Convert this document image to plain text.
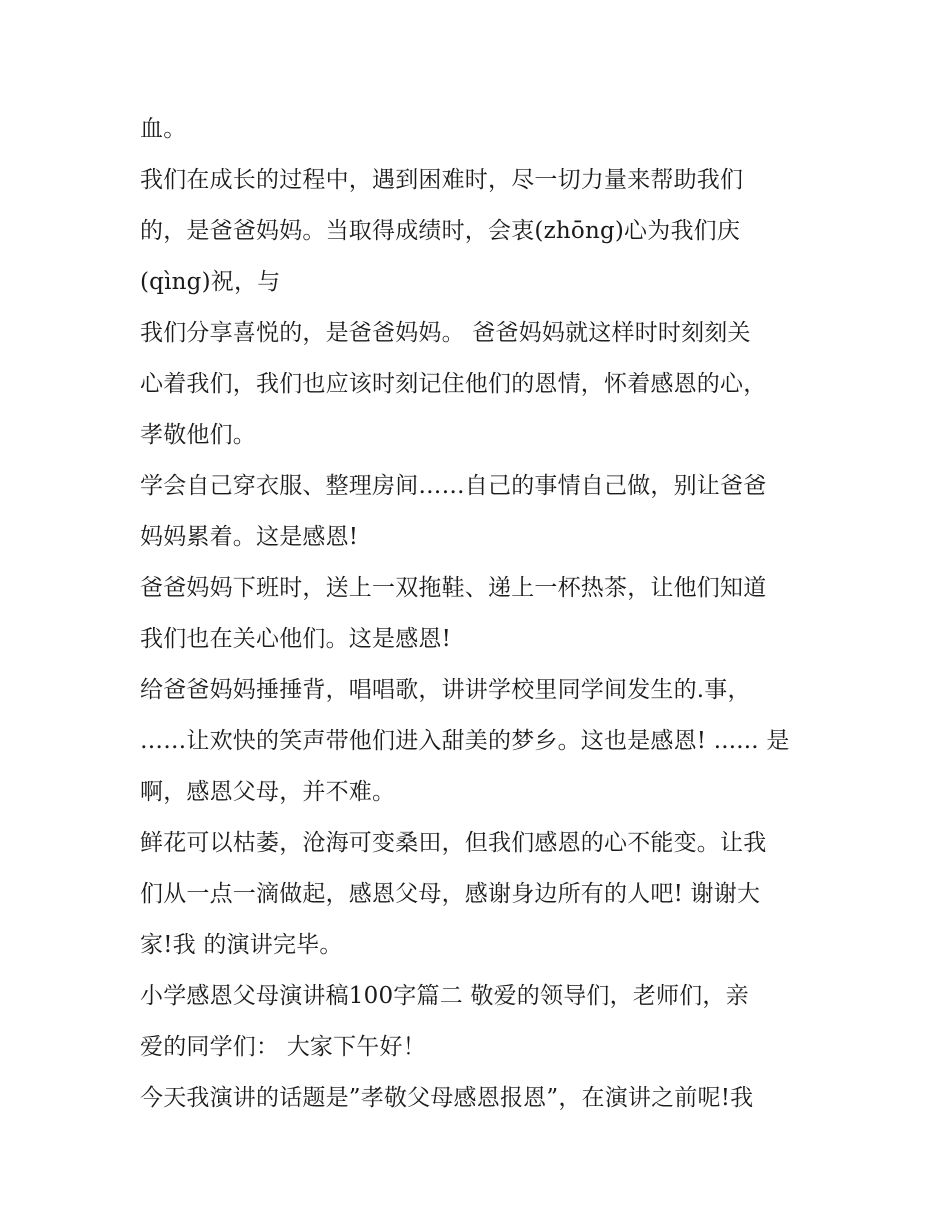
血。
我们在成长的过程中，遇到困难时，尽一切力量来帮助我们
的，是爸爸妈妈。当取得成绩时，会衷(zhōng)心为我们庆
(qìng)祝，与
我们分享喜悦的，是爸爸妈妈。 爸爸妈妈就这样时时刻刻关
心着我们，我们也应该时刻记住他们的恩情，怀着感恩的心，
孝敬他们。
学会自己穿衣服、整理房间……自己的事情自己做，别让爸爸
妈妈累着。这是感恩!
爸爸妈妈下班时，送上一双拖鞋、递上一杯热茶，让他们知道
我们也在关心他们。这是感恩!
给爸爸妈妈捶捶背，唱唱歌，讲讲学校里同学间发生的.事，
……让欢快的笑声带他们进入甜美的梦乡。这也是感恩! ...... 是
啊，感恩父母，并不难。
鲜花可以枯萎，沧海可变桑田，但我们感恩的心不能变。让我
们从一点一滴做起，感恩父母，感谢身边所有的人吧! 谢谢大
家!我 的演讲完毕。
小学感恩父母演讲稿100字篇二 敬爱的领导们，老师们，亲
爱的同学们： 大家下午好！
今天我演讲的话题是”孝敬父母感恩报恩”，在演讲之前呢!我
